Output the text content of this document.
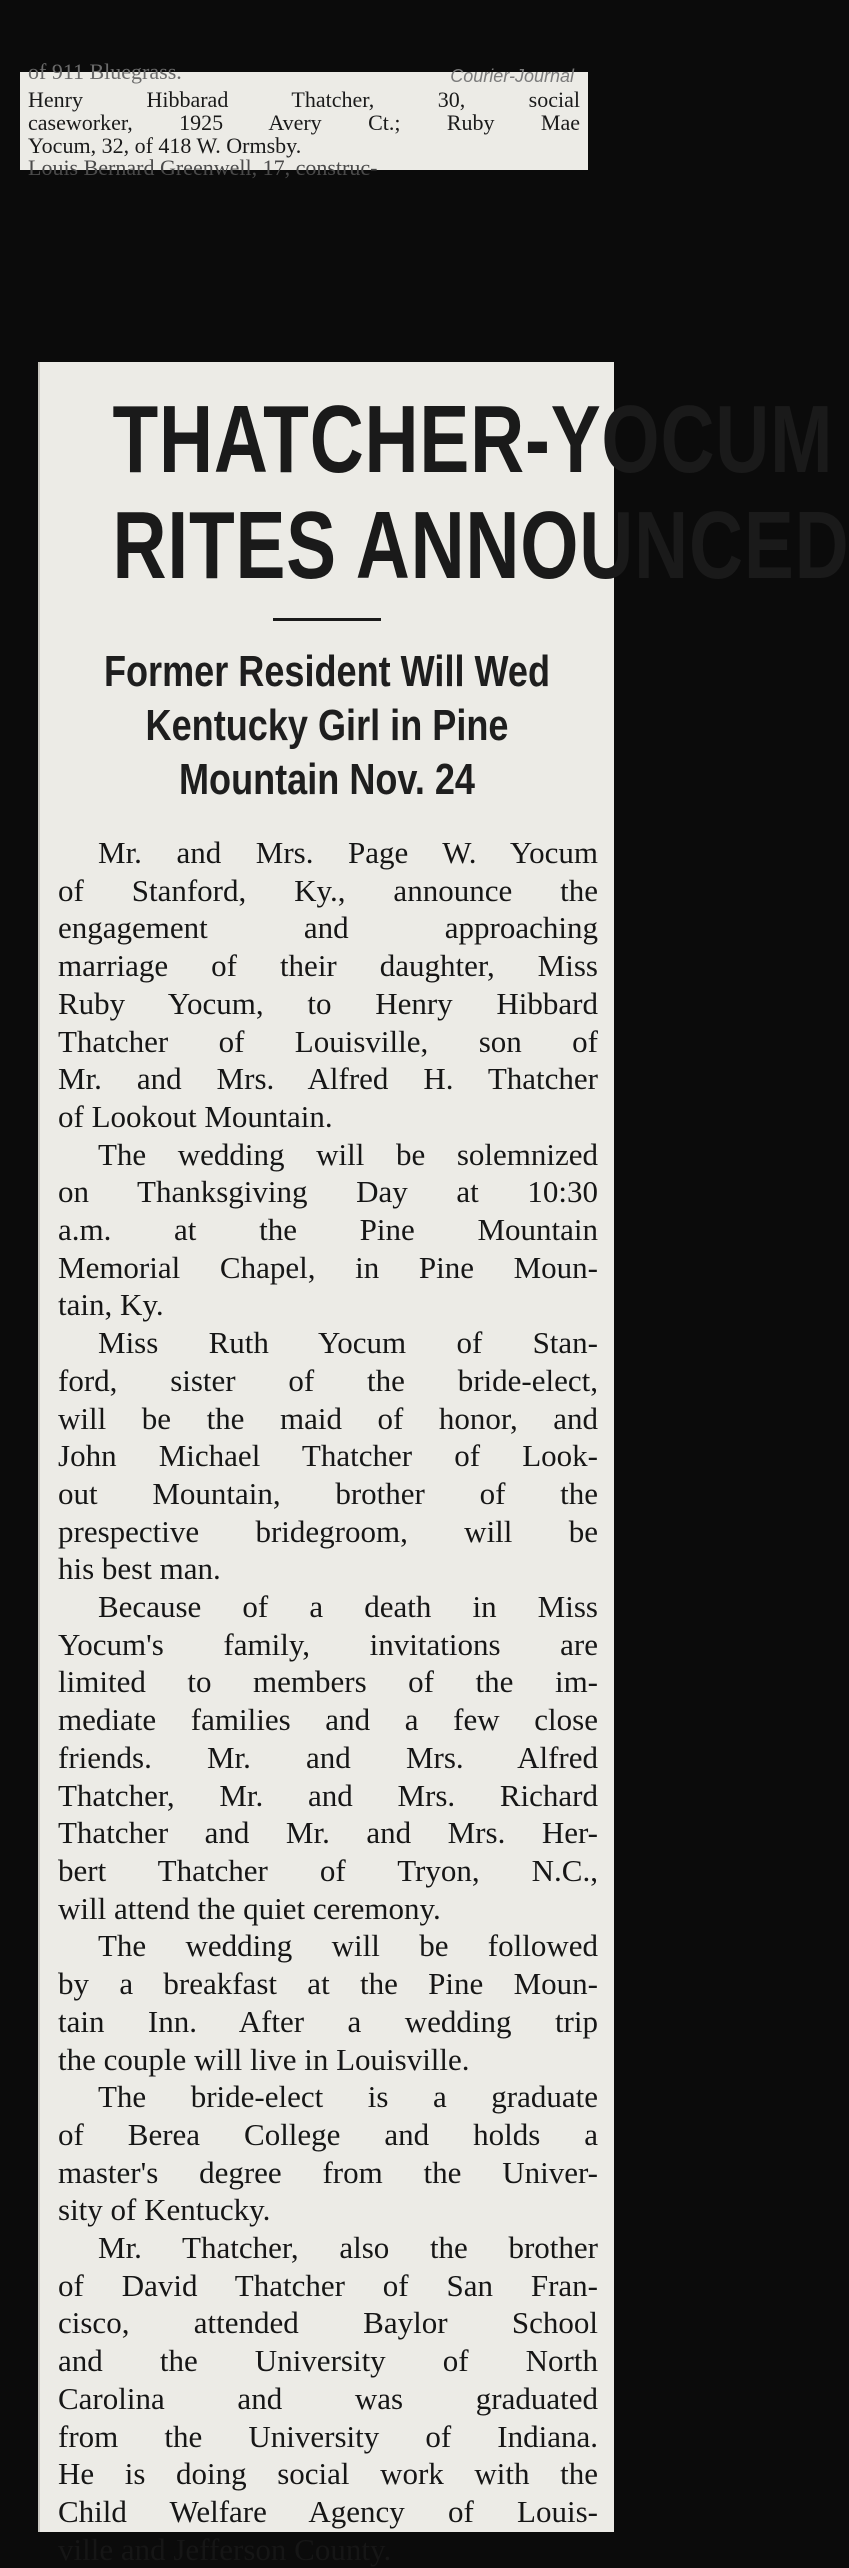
of 911 Bluegrass.	Courier-Journal
Henry Hibbarad Thatcher, 30, social
caseworker, 1925 Avery Ct.; Ruby Mae
Yocum, 32, of 418 W. Ormsby.
Louis Bernard Greenwell, 17, construc-
THATCHER-YOCUM
RITES ANNOUNCED
Former Resident Will Wed
Kentucky Girl in Pine
Mountain Nov. 24
Mr. and Mrs. Page W. Yocum
of Stanford, Ky., announce the
engagement and approaching
marriage of their daughter, Miss
Ruby Yocum, to Henry Hibbard
Thatcher of Louisville, son of
Mr. and Mrs. Alfred H. Thatcher
of Lookout Mountain.
The wedding will be solemnized
on Thanksgiving Day at 10:30
a.m. at the Pine Mountain
Memorial Chapel, in Pine Moun-
tain, Ky.
Miss Ruth Yocum of Stan-
ford, sister of the bride-elect,
will be the maid of honor, and
John Michael Thatcher of Look-
out Mountain, brother of the
prespective bridegroom, will be
his best man.
Because of a death in Miss
Yocum's family, invitations are
limited to members of the im-
mediate families and a few close
friends. Mr. and Mrs. Alfred
Thatcher, Mr. and Mrs. Richard
Thatcher and Mr. and Mrs. Her-
bert Thatcher of Tryon, N.C.,
will attend the quiet ceremony.
The wedding will be followed
by a breakfast at the Pine Moun-
tain Inn. After a wedding trip
the couple will live in Louisville.
The bride-elect is a graduate
of Berea College and holds a
master's degree from the Univer-
sity of Kentucky.
Mr. Thatcher, also the brother
of David Thatcher of San Fran-
cisco, attended Baylor School
and the University of North
Carolina and was graduated
from the University of Indiana.
He is doing social work with the
Child Welfare Agency of Louis-
ville and Jefferson County.
